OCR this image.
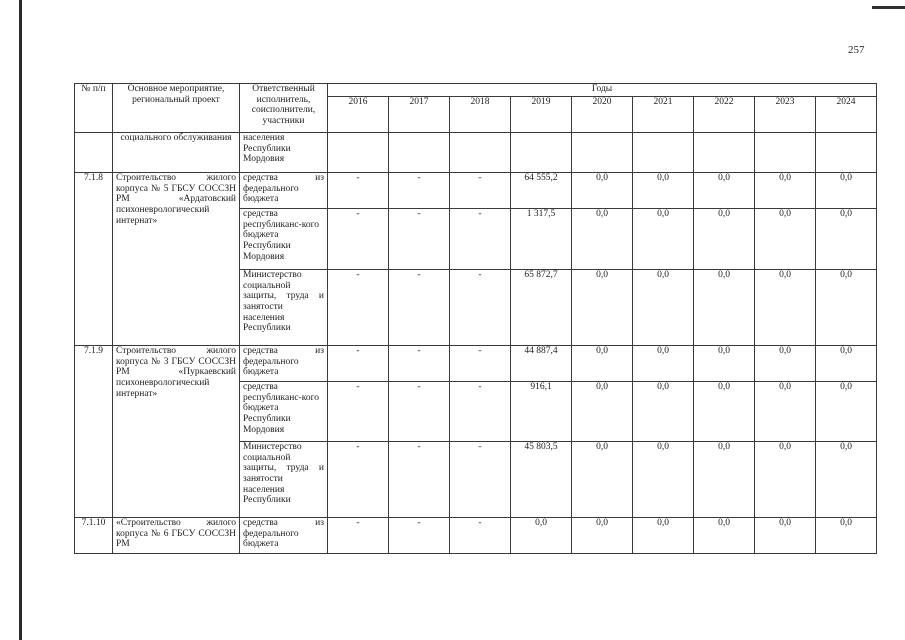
257
№ п/п	Основное мероприятие, региональный проект	Ответственный исполнитель, соисполнители, участники	Годы								
			2016	2017	2018	2019	2020	2021	2022	2023	2024
	социального обслуживания	населения Республики Мордовия									
7.1.8	Строительство жилого корпуса № 5 ГБСУ СОССЗН РМ «Ардатовский психоневрологический интернат»	средства из федерального бюджета	-	-	-	64 555,2	0,0	0,0	0,0	0,0	0,0
		средства республиканс-кого бюджета Республики Мордовия	-	-	-	1 317,5	0,0	0,0	0,0	0,0	0,0
		Министерство социальной защиты, труда и занятости населения Республики	-	-	-	65 872,7	0,0	0,0	0,0	0,0	0,0
7.1.9	Строительство жилого корпуса № 3 ГБСУ СОССЗН РМ «Пуркаевский психоневрологический интернат»	средства из федерального бюджета	-	-	-	44 887,4	0,0	0,0	0,0	0,0	0,0
		средства республиканс-кого бюджета Республики Мордовия	-	-	-	916,1	0,0	0,0	0,0	0,0	0,0
		Министерство социальной защиты, труда и занятости населения Республики	-	-	-	45 803,5	0,0	0,0	0,0	0,0	0,0
7.1.10	«Строительство жилого корпуса № 6 ГБСУ СОССЗН РМ	средства из федерального бюджета	-	-	-	0,0	0,0	0,0	0,0	0,0	0,0
